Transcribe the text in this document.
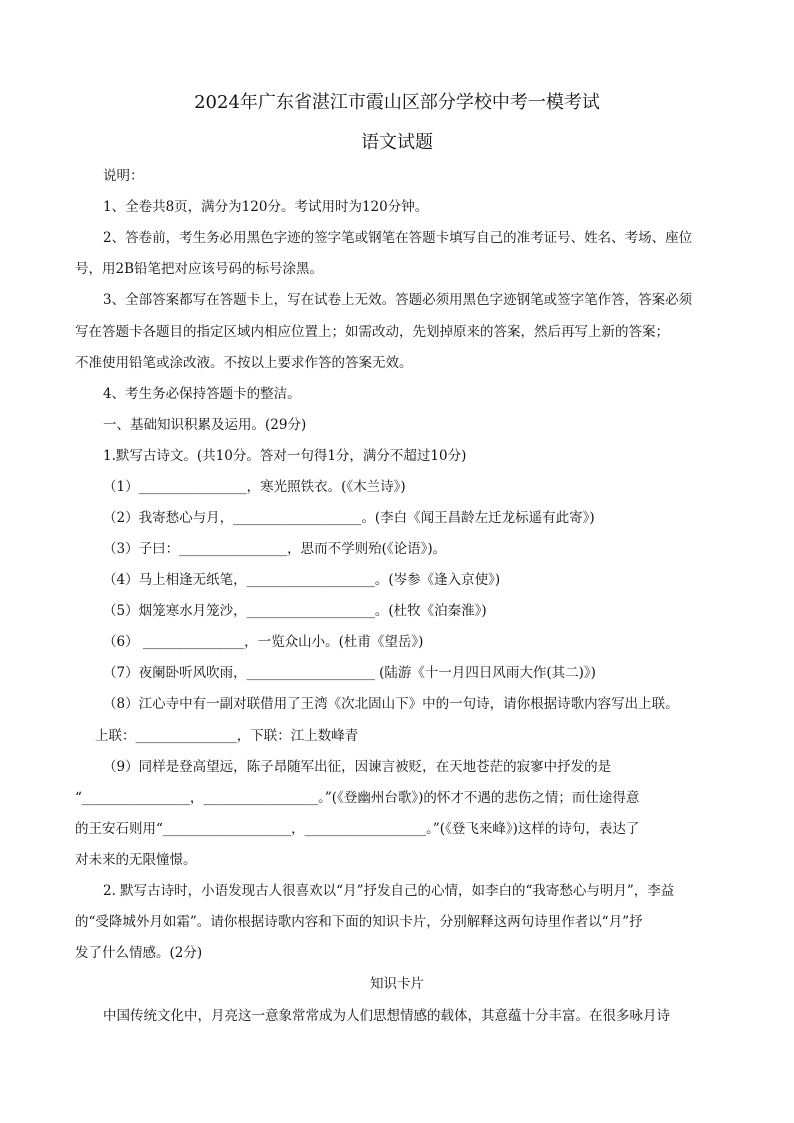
2024年广东省湛江市霞山区部分学校中考一模考试
语文试题
说明：
1、全卷共8页，满分为120分。考试用时为120分钟。
2、答卷前，考生务必用黑色字迹的签字笔或钢笔在答题卡填写自己的准考证号、姓名、考场、座位
号，用2B铅笔把对应该号码的标号涂黑。
3、全部答案都写在答题卡上，写在试卷上无效。答题必须用黑色字迹钢笔或签字笔作答，答案必须
写在答题卡各题目的指定区域内相应位置上；如需改动，先划掉原来的答案，然后再写上新的答案；
不准使用铅笔或涂改液。不按以上要求作答的答案无效。
4、考生务必保持答题卡的整洁。
一、基础知识积累及运用。(29分)
1.默写古诗文。(共10分。答对一句得1分，满分不超过10分)
（1）________________，寒光照铁衣。(《木兰诗》)
（2）我寄愁心与月，___________________。(李白《闻王昌龄左迁龙标遥有此寄》)
（3）子曰：________________，思而不学则殆(《论语》)。
（4）马上相逢无纸笔，___________________。(岑参《逢入京使》)
（5）烟笼寒水月笼沙，___________________。(杜牧《泊秦淮》)
（6） _______________，一览众山小。(杜甫《望岳》)
（7）夜阑卧听风吹雨，___________________ (陆游《十一月四日风雨大作(其二)》)
（8）江心寺中有一副对联借用了王湾《次北固山下》中的一句诗，请你根据诗歌内容写出上联。
上联：_______________，下联：江上数峰青
（9）同样是登高望远，陈子昂随军出征，因谏言被贬，在天地苍茫的寂寥中抒发的是
“________________，_________________。”(《登幽州台歌》)的怀才不遇的悲伤之情；而仕途得意
的王安石则用“___________________，__________________。”(《登飞来峰》)这样的诗句，表达了
对未来的无限憧憬。
2. 默写古诗时，小语发现古人很喜欢以“月”抒发自己的心情，如李白的“我寄愁心与明月”，李益
的“受降城外月如霜”。请你根据诗歌内容和下面的知识卡片，分别解释这两句诗里作者以“月”抒
发了什么情感。(2分)
知识卡片
中国传统文化中，月亮这一意象常常成为人们思想情感的载体，其意蕴十分丰富。在很多咏月诗
